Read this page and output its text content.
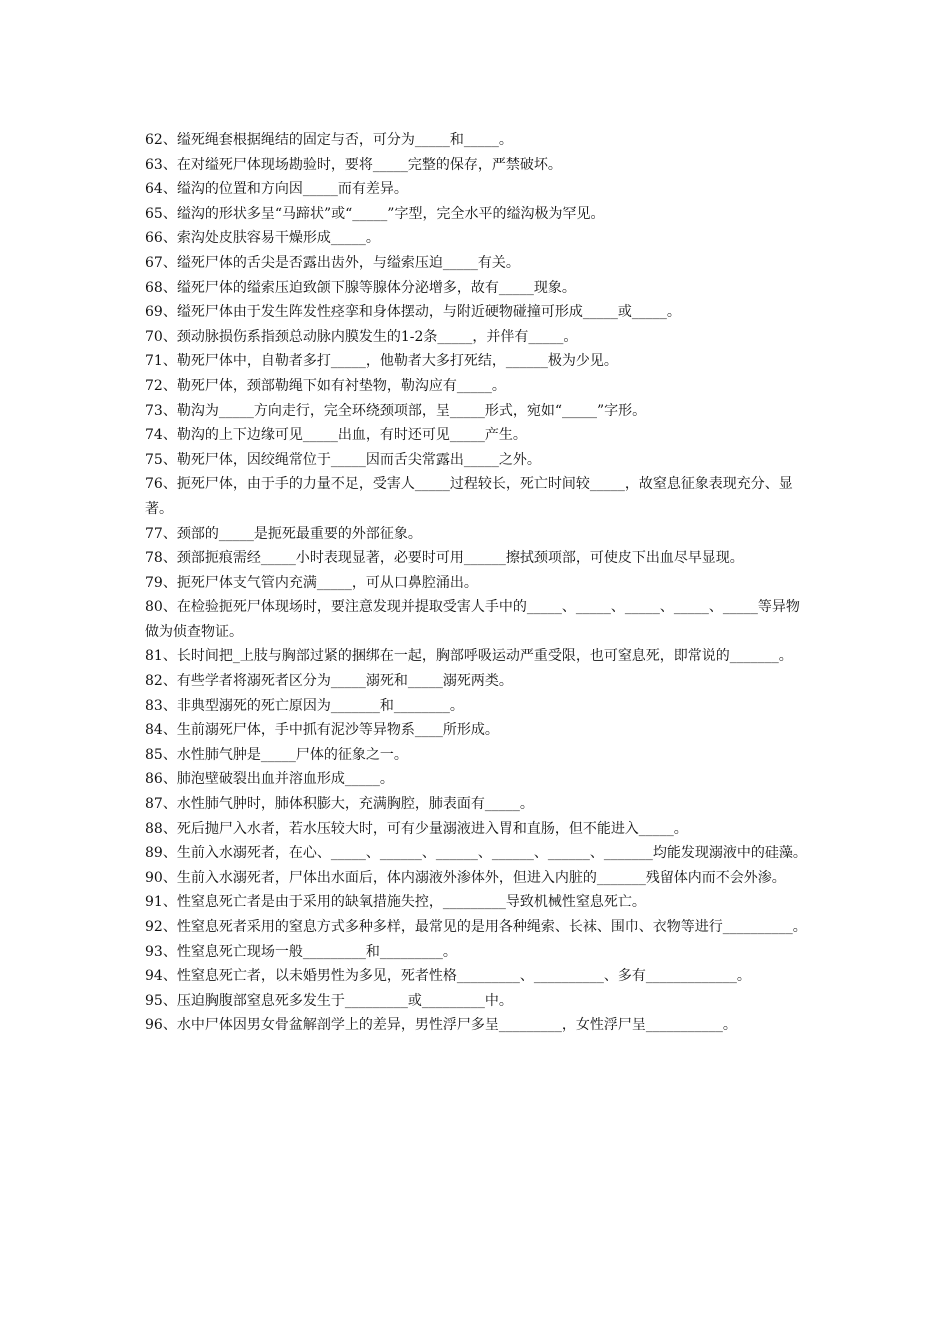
62、缢死绳套根据绳结的固定与否，可分为_____和_____。

63、在对缢死尸体现场勘验时，要将_____完整的保存，严禁破坏。

64、缢沟的位置和方向因_____而有差异。

65、缢沟的形状多呈“马蹄状”或“_____”字型，完全水平的缢沟极为罕见。

66、索沟处皮肤容易干燥形成_____。

67、缢死尸体的舌尖是否露出齿外，与缢索压迫_____有关。

68、缢死尸体的缢索压迫致颌下腺等腺体分泌增多，故有_____现象。

69、缢死尸体由于发生阵发性痉挛和身体摆动，与附近硬物碰撞可形成_____或_____。

70、颈动脉损伤系指颈总动脉内膜发生的1-2条_____，并伴有_____。

71、勒死尸体中，自勒者多打_____，他勒者大多打死结，______极为少见。

72、勒死尸体，颈部勒绳下如有衬垫物，勒沟应有_____。

73、勒沟为_____方向走行，完全环绕颈项部，呈_____形式，宛如“_____”字形。

74、勒沟的上下边缘可见_____出血，有时还可见_____产生。

75、勒死尸体，因绞绳常位于_____因而舌尖常露出_____之外。

76、扼死尸体，由于手的力量不足，受害人_____过程较长，死亡时间较_____，故窒息征象表现充分、显著。

77、颈部的_____是扼死最重要的外部征象。

78、颈部扼痕需经_____小时表现显著，必要时可用______擦拭颈项部，可使皮下出血尽早显现。

79、扼死尸体支气管内充满_____，可从口鼻腔涌出。

80、在检验扼死尸体现场时，要注意发现并提取受害人手中的_____、_____、_____、_____、_____等异物做为侦查物证。

81、长时间把_上肢与胸部过紧的捆绑在一起，胸部呼吸运动严重受限，也可窒息死，即常说的_______。

82、有些学者将溺死者区分为_____溺死和_____溺死两类。

83、非典型溺死的死亡原因为_______和________。

84、生前溺死尸体，手中抓有泥沙等异物系____所形成。

85、水性肺气肿是_____尸体的征象之一。

86、肺泡壁破裂出血并溶血形成_____。

87、水性肺气肿时，肺体积膨大，充满胸腔，肺表面有_____。

88、死后抛尸入水者，若水压较大时，可有少量溺液进入胃和直肠，但不能进入_____。

89、生前入水溺死者，在心、_____、______、______、______、______、_______均能发现溺液中的硅藻。

90、生前入水溺死者，尸体出水面后，体内溺液外渗体外，但进入内脏的_______残留体内而不会外渗。

91、性窒息死亡者是由于采用的缺氧措施失控，_________导致机械性窒息死亡。

92、性窒息死者采用的窒息方式多种多样，最常见的是用各种绳索、长袜、围巾、衣物等进行__________。

93、性窒息死亡现场一般_________和_________。

94、性窒息死亡者，以未婚男性为多见，死者性格_________、__________、多有_____________。

95、压迫胸腹部窒息死多发生于_________或_________中。

96、水中尸体因男女骨盆解剖学上的差异，男性浮尸多呈_________，女性浮尸呈___________。
